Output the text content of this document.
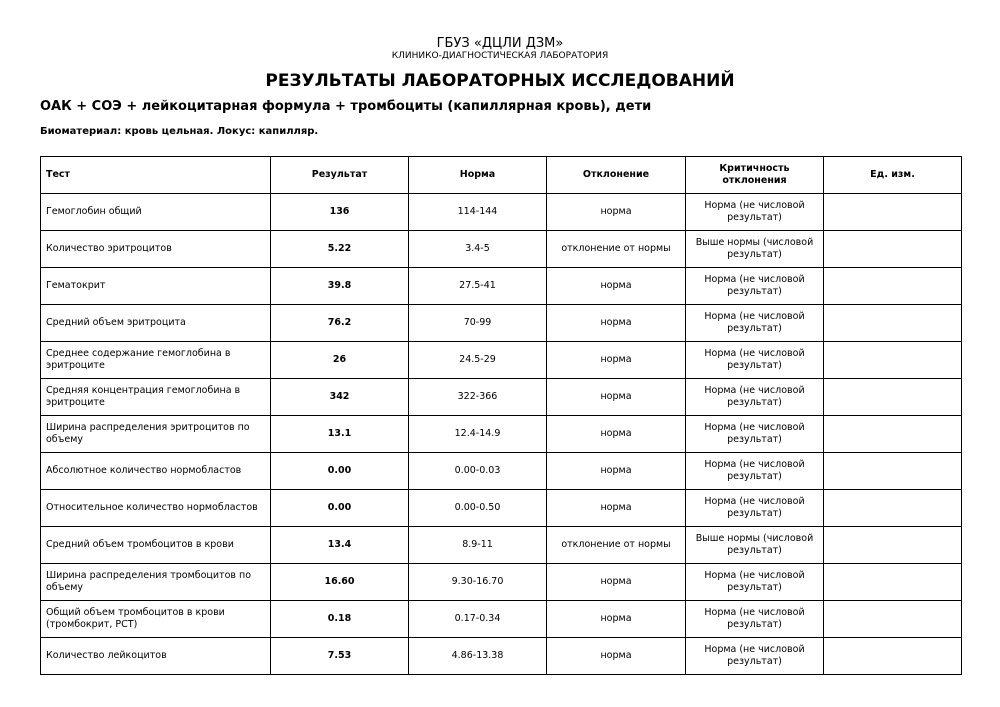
ГБУЗ «ДЦЛИ ДЗМ»
КЛИНИКО-ДИАГНОСТИЧЕСКАЯ ЛАБОРАТОРИЯ
РЕЗУЛЬТАТЫ ЛАБОРАТОРНЫХ ИССЛЕДОВАНИЙ
ОАК + СОЭ + лейкоцитарная формула + тромбоциты (капиллярная кровь), дети
Биоматериал: кровь цельная. Локус: капилляр.
Тест	Результат	Норма	Отклонение	Критичность отклонения	Ед. изм.
Гемоглобин общий	136	114-144	норма	Норма (не числовой результат)	
Количество эритроцитов	5.22	3.4-5	отклонение от нормы	Выше нормы (числовой результат)	
Гематокрит	39.8	27.5-41	норма	Норма (не числовой результат)	
Средний объем эритроцита	76.2	70-99	норма	Норма (не числовой результат)	
Среднее содержание гемоглобина в эритроците	26	24.5-29	норма	Норма (не числовой результат)	
Средняя концентрация гемоглобина в эритроците	342	322-366	норма	Норма (не числовой результат)	
Ширина распределения эритроцитов по объему	13.1	12.4-14.9	норма	Норма (не числовой результат)	
Абсолютное количество нормобластов	0.00	0.00-0.03	норма	Норма (не числовой результат)	
Относительное количество нормобластов	0.00	0.00-0.50	норма	Норма (не числовой результат)	
Средний объем тромбоцитов в крови	13.4	8.9-11	отклонение от нормы	Выше нормы (числовой результат)	
Ширина распределения тромбоцитов по объему	16.60	9.30-16.70	норма	Норма (не числовой результат)	
Общий объем тромбоцитов в крови (тромбокрит, PCT)	0.18	0.17-0.34	норма	Норма (не числовой результат)	
Количество лейкоцитов	7.53	4.86-13.38	норма	Норма (не числовой результат)	
